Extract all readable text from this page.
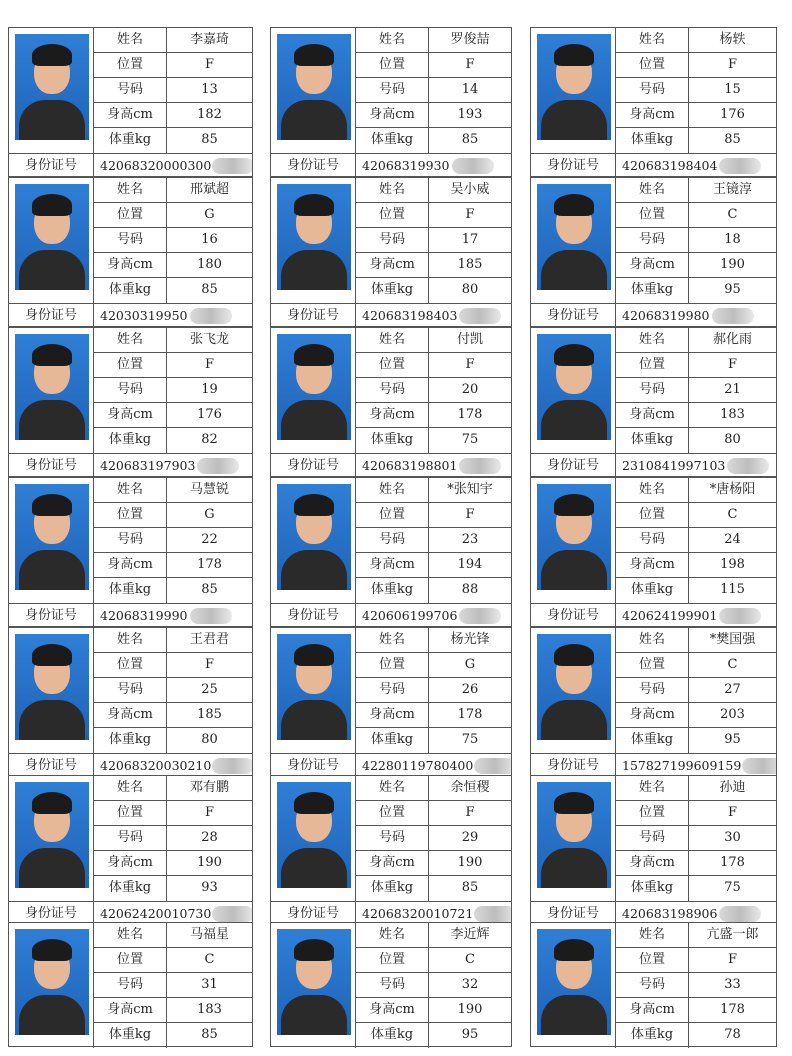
姓名	李嘉琦
位置	F
号码	13
身高cm	182
体重kg	85
身份证号	42068320000300
姓名	罗俊喆
位置	F
号码	14
身高cm	193
体重kg	85
身份证号	42068319930
姓名	杨轶
位置	F
号码	15
身高cm	176
体重kg	85
身份证号	420683198404
姓名	邢斌超
位置	G
号码	16
身高cm	180
体重kg	85
身份证号	42030319950
姓名	吴小威
位置	F
号码	17
身高cm	185
体重kg	80
身份证号	420683198403
姓名	王镜淳
位置	C
号码	18
身高cm	190
体重kg	95
身份证号	42068319980
姓名	张飞龙
位置	F
号码	19
身高cm	176
体重kg	82
身份证号	420683197903
姓名	付凯
位置	F
号码	20
身高cm	178
体重kg	75
身份证号	420683198801
姓名	郝化雨
位置	F
号码	21
身高cm	183
体重kg	80
身份证号	2310841997103
姓名	马慧锐
位置	G
号码	22
身高cm	178
体重kg	85
身份证号	42068319990
姓名	*张知宇
位置	F
号码	23
身高cm	194
体重kg	88
身份证号	420606199706
姓名	*唐杨阳
位置	C
号码	24
身高cm	198
体重kg	115
身份证号	420624199901
姓名	王君君
位置	F
号码	25
身高cm	185
体重kg	80
身份证号	42068320030210
姓名	杨光锋
位置	G
号码	26
身高cm	178
体重kg	75
身份证号	42280119780400
姓名	*樊国强
位置	C
号码	27
身高cm	203
体重kg	95
身份证号	157827199609159
姓名	邓有鹏
位置	F
号码	28
身高cm	190
体重kg	93
身份证号	42062420010730
姓名	余恒稷
位置	F
号码	29
身高cm	190
体重kg	85
身份证号	42068320010721
姓名	孙迪
位置	F
号码	30
身高cm	178
体重kg	75
身份证号	420683198906
姓名	马福星
位置	C
号码	31
身高cm	183
体重kg	85
姓名	李近辉
位置	C
号码	32
身高cm	190
体重kg	95
姓名	亢盛一郎
位置	F
号码	33
身高cm	178
体重kg	78
